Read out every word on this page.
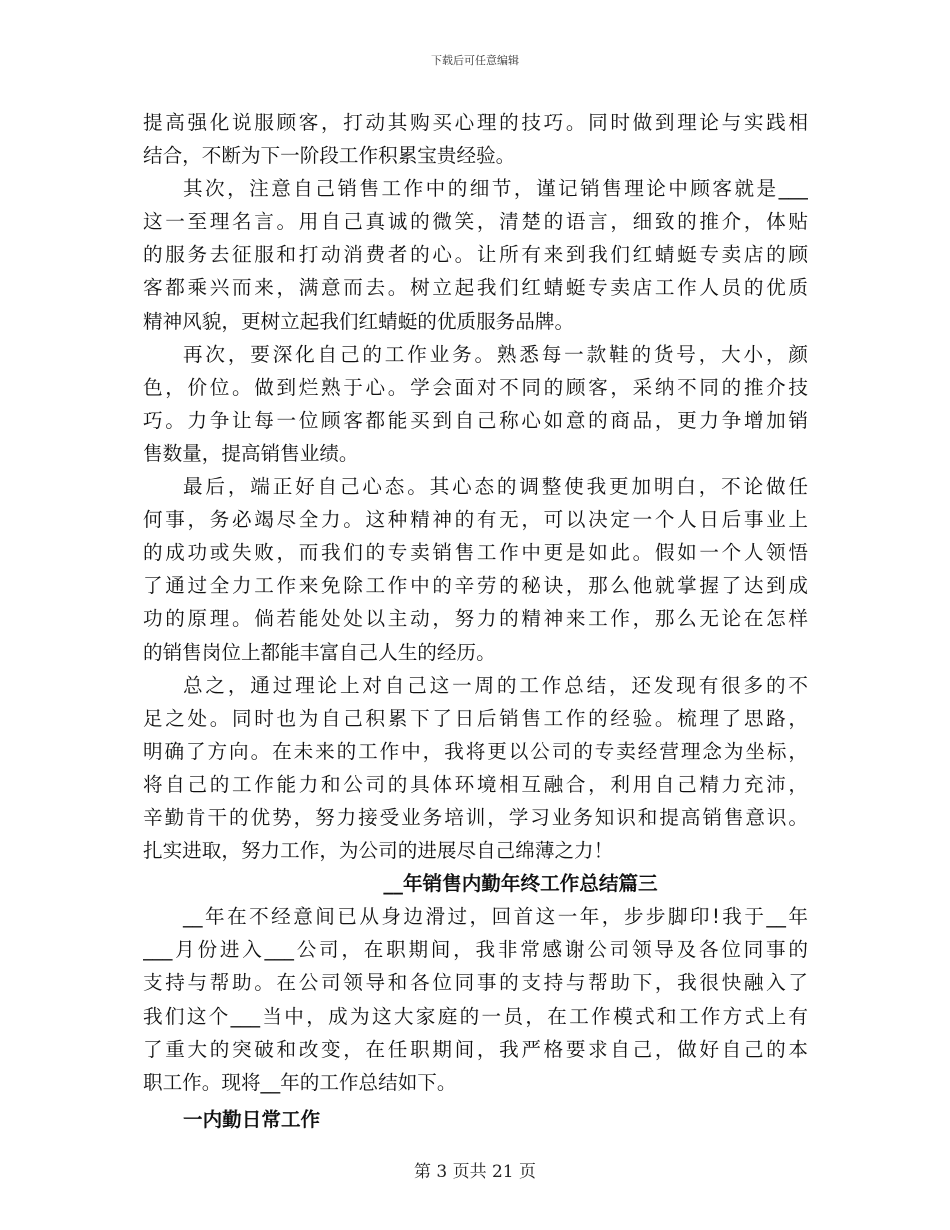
下载后可任意编辑
提高强化说服顾客，打动其购买心理的技巧。同时做到理论与实践相
结合，不断为下一阶段工作积累宝贵经验。
其次，注意自己销售工作中的细节，谨记销售理论中顾客就是___
这一至理名言。用自己真诚的微笑，清楚的语言，细致的推介，体贴
的服务去征服和打动消费者的心。让所有来到我们红蜻蜓专卖店的顾
客都乘兴而来，满意而去。树立起我们红蜻蜓专卖店工作人员的优质
精神风貌，更树立起我们红蜻蜓的优质服务品牌。
再次，要深化自己的工作业务。熟悉每一款鞋的货号，大小，颜
色，价位。做到烂熟于心。学会面对不同的顾客，采纳不同的推介技
巧。力争让每一位顾客都能买到自己称心如意的商品，更力争增加销
售数量，提高销售业绩。
最后，端正好自己心态。其心态的调整使我更加明白，不论做任
何事，务必竭尽全力。这种精神的有无，可以决定一个人日后事业上
的成功或失败，而我们的专卖销售工作中更是如此。假如一个人领悟
了通过全力工作来免除工作中的辛劳的秘诀，那么他就掌握了达到成
功的原理。倘若能处处以主动，努力的精神来工作，那么无论在怎样
的销售岗位上都能丰富自己人生的经历。
总之，通过理论上对自己这一周的工作总结，还发现有很多的不
足之处。同时也为自己积累下了日后销售工作的经验。梳理了思路，
明确了方向。在未来的工作中，我将更以公司的专卖经营理念为坐标，
将自己的工作能力和公司的具体环境相互融合，利用自己精力充沛，
辛勤肯干的优势，努力接受业务培训，学习业务知识和提高销售意识。
扎实进取，努力工作，为公司的进展尽自己绵薄之力！
__年销售内勤年终工作总结篇三
__年在不经意间已从身边滑过，回首这一年，步步脚印!我于__年
___月份进入___公司，在职期间，我非常感谢公司领导及各位同事的
支持与帮助。在公司领导和各位同事的支持与帮助下，我很快融入了
我们这个___当中，成为这大家庭的一员，在工作模式和工作方式上有
了重大的突破和改变，在任职期间，我严格要求自己，做好自己的本
职工作。现将__年的工作总结如下。
一内勤日常工作
第 3 页共 21 页
